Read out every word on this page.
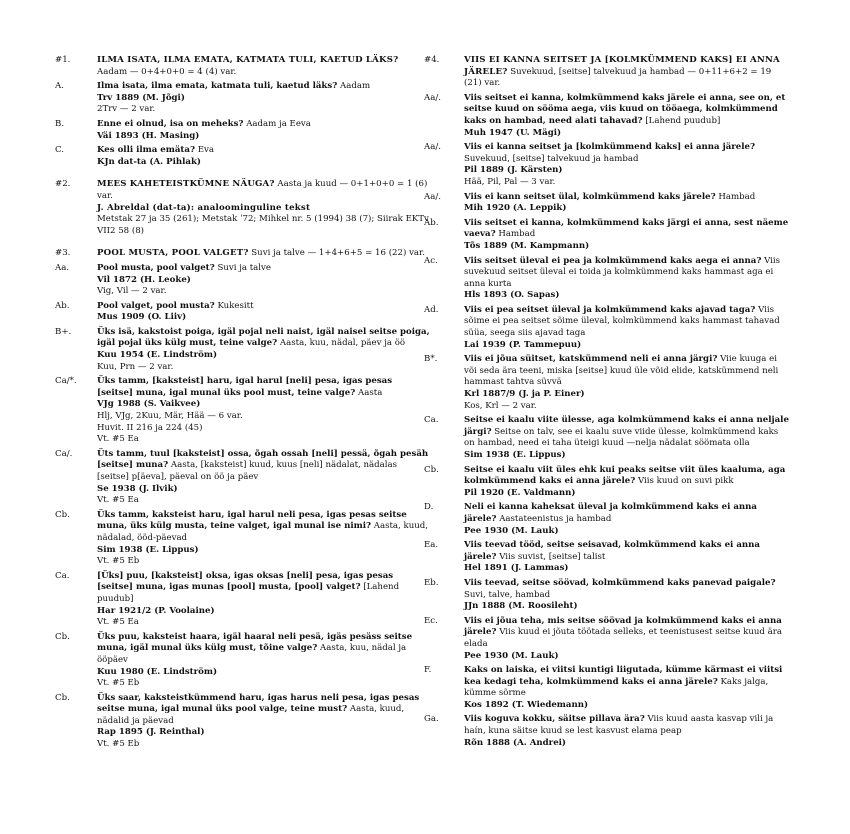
#1.	ILMA ISATA, ILMA EMATA, KATMATA TULI, KAETUD LÄKS?
Aadam — 0+4+0+0 = 4 (4) var.
A.	Ilma isata, ilma emata, katmata tuli, kaetud läks? Aadam
Trv 1889 (M. Jõgi)
2Trv — 2 var.
B.	Enne ei olnud, isa on meheks? Aadam ja Eeva
Väi 1893 (H. Masing)
C.	Kes olli ilma emäta? Eva
KJn dat-ta (A. Pihlak)
#2.	MEES KAHETEISTKÜMNE NÄUGA? Aasta ja kuud — 0+1+0+0 = 1 (6) var.
J. Abreldal (dat-ta): analoominguline tekst
Metstak 27 ja 35 (261); Metstak ˈ72; Mihkel nr. 5 (1994) 38 (7); Siirak EKTv VII2 58 (8)
#3.	POOL MUSTA, POOL VALGET? Suvi ja talve — 1+4+6+5 = 16 (22) var.
Aa.	Pool musta, pool valget? Suvi ja talve
Vil 1872 (H. Leoke)
Vig, Vil — 2 var.
Ab.	Pool valget, pool musta? Kukesitt
Mus 1909 (O. Liiv)
B+.	Üks isä, kakstoist poiga, igäl pojal neli naist, igäl naisel seitse poiga, igäl pojal üks külg must, teine valge? Aasta, kuu, nädal, päev ja öö
Kuu 1954 (E. Lindström)
Kuu, Prn — 2 var.
Ca/*.	Üks tamm, [kaksteist] haru, igal harul [neli] pesa, igas pesas [seitse] muna, igal munal üks pool must, teine valge? Aasta
VJg 1988 (S. Vaikvee)
Hlj, VJg, 2Kuu, Mär, Hää — 6 var.
Huvit. II 216 ja 224 (45)
Vt. #5 Ea
Ca/.	Üts tamm, tuul [kaksteist] ossa, õgah ossah [neli] pessä, õgah pesäh [seitse] muna? Aasta, [kaksteist] kuud, kuus [neli] nädalat, nädalas [seitse] p[äeva], päeval on öö ja päev
Se 1938 (J. Ilvik)
Vt. #5 Ea
Cb.	Üks tamm, kaksteist haru, igal harul neli pesa, igas pesas seitse muna, üks külg musta, teine valget, igal munal ise nimi? Aasta, kuud, nädalad, ööd-päevad
Sim 1938 (E. Lippus)
Vt. #5 Eb
Ca.	[Üks] puu, [kaksteist] oksa, igas oksas [neli] pesa, igas pesas [seitse] muna, igas munas [pool] musta, [pool] valget? [Lahend puudub]
Har 1921/2 (P. Voolaine)
Vt. #5 Ea
Cb.	Üks puu, kaksteist haara, igäl haaral neli pesä, igäs pesäss seitse muna, igäl munal üks külg must, tõine valge? Aasta, kuu, nädal ja ööpäev
Kuu 1980 (E. Lindström)
Vt. #5 Eb
Cb.	Üks saar, kaksteistkümmend haru, igas harus neli pesa, igas pesas seitse muna, igal munal üks pool valge, teine must? Aasta, kuud, nädalid ja päevad
Rap 1895 (J. Reinthal)
Vt. #5 Eb
#4.	VIIS EI KANNA SEITSET JA [KOLMKÜMMEND KAKS] EI ANNA JÄRELE? Suvekuud, [seitse] talvekuud ja hambad — 0+11+6+2 = 19 (21) var.
Aa/.	Viis seitset ei kanna, kolmkümmend kaks järele ei anna, see on, et seitse kuud on sööma aega, viis kuud on tööaega, kolmkümmend kaks on hambad, need alati tahavad? [Lahend puudub]
Muh 1947 (U. Mägi)
Aa/.	Viis ei kanna seitset ja [kolmkümmend kaks] ei anna järele? Suvekuud, [seitse] talvekuud ja hambad
Pil 1889 (J. Kärsten)
Hää, Pil, Pal — 3 var.
Aa/.	Viis ei kann seitset ülal, kolmkümmend kaks järele? Hambad
Mih 1920 (A. Leppik)
Ab.	Viis seitset ei kanna, kolmkümmend kaks järgi ei anna, sest näeme vaeva? Hambad
Tõs 1889 (M. Kampmann)
Ac.	Viis seitset üleval ei pea ja kolmkümmend kaks aega ei anna? Viis suvekuud seitset üleval ei toida ja kolmkümmend kaks hammast aga ei anna kurta
Hls 1893 (O. Sapas)
Ad.	Viis ei pea seitset üleval ja kolmkümmend kaks ajavad taga? Viis sõime ei pea seitset sõime üleval, kolmkümmend kaks hammast tahavad süüa, seega siis ajavad taga
Lai 1939 (P. Tammepuu)
B*.	Viis ei jõua süitset, katskümmend neli ei anna järgi? Viie kuuga ei või seda ära teeni, miska [seitse] kuud üle võid elide, katskümmend neli hammast tahtva süvvä
Krl 1887/9 (J. ja P. Einer)
Kos, Krl — 2 var.
Ca.	Seitse ei kaalu viite ülesse, aga kolmkümmend kaks ei anna neljale järgi? Seitse on talv, see ei kaalu suve viide ülesse, kolmkümmend kaks on hambad, need ei taha üteigi kuud —nelja nädalat söömata olla
Sim 1938 (E. Lippus)
Cb.	Seitse ei kaalu viit üles ehk kui peaks seitse viit üles kaaluma, aga kolmkümmend kaks ei anna järele? Viis kuud on suvi pikk
Pil 1920 (E. Valdmann)
D.	Neli ei kanna kaheksat üleval ja kolmkümmend kaks ei anna järele? Aastateenistus ja hambad
Pee 1930 (M. Lauk)
Ea.	Viis teevad tööd, seitse seisavad, kolmkümmend kaks ei anna järele? Viis suvist, [seitse] talist
Hel 1891 (J. Lammas)
Eb.	Viis teevad, seitse söövad, kolmkümmend kaks panevad paigale? Suvi, talve, hambad
JJn 1888 (M. Roosileht)
Ec.	Viis ei jõua teha, mis seitse söövad ja kolmkümmend kaks ei anna järele? Viis kuud ei jõuta töötada selleks, et teenistusest seitse kuud ära elada
Pee 1930 (M. Lauk)
F.	Kaks on laiska, ei viitsi kuntigi liigutada, kümme kärmast ei viitsi kea kedagi teha, kolmkümmend kaks ei anna järele? Kaks jalga, kümme sõrme
Kos 1892 (T. Wiedemann)
Ga.	Viis koguva kokku, säitse pillava ära? Viis kuud aasta kasvap vili ja haín, kuna säitse kuud se lest kasvust elama peap
Rõn 1888 (A. Andrei)
